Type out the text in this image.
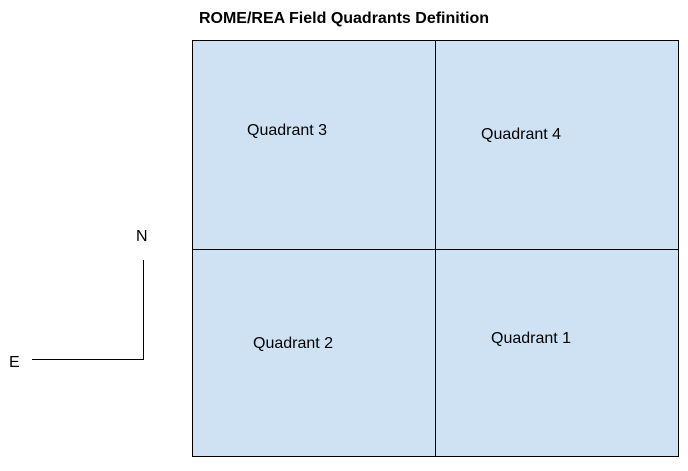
ROME/REA Field Quadrants Definition
Quadrant 3	Quadrant 4
Quadrant 2	Quadrant 1
N
E
